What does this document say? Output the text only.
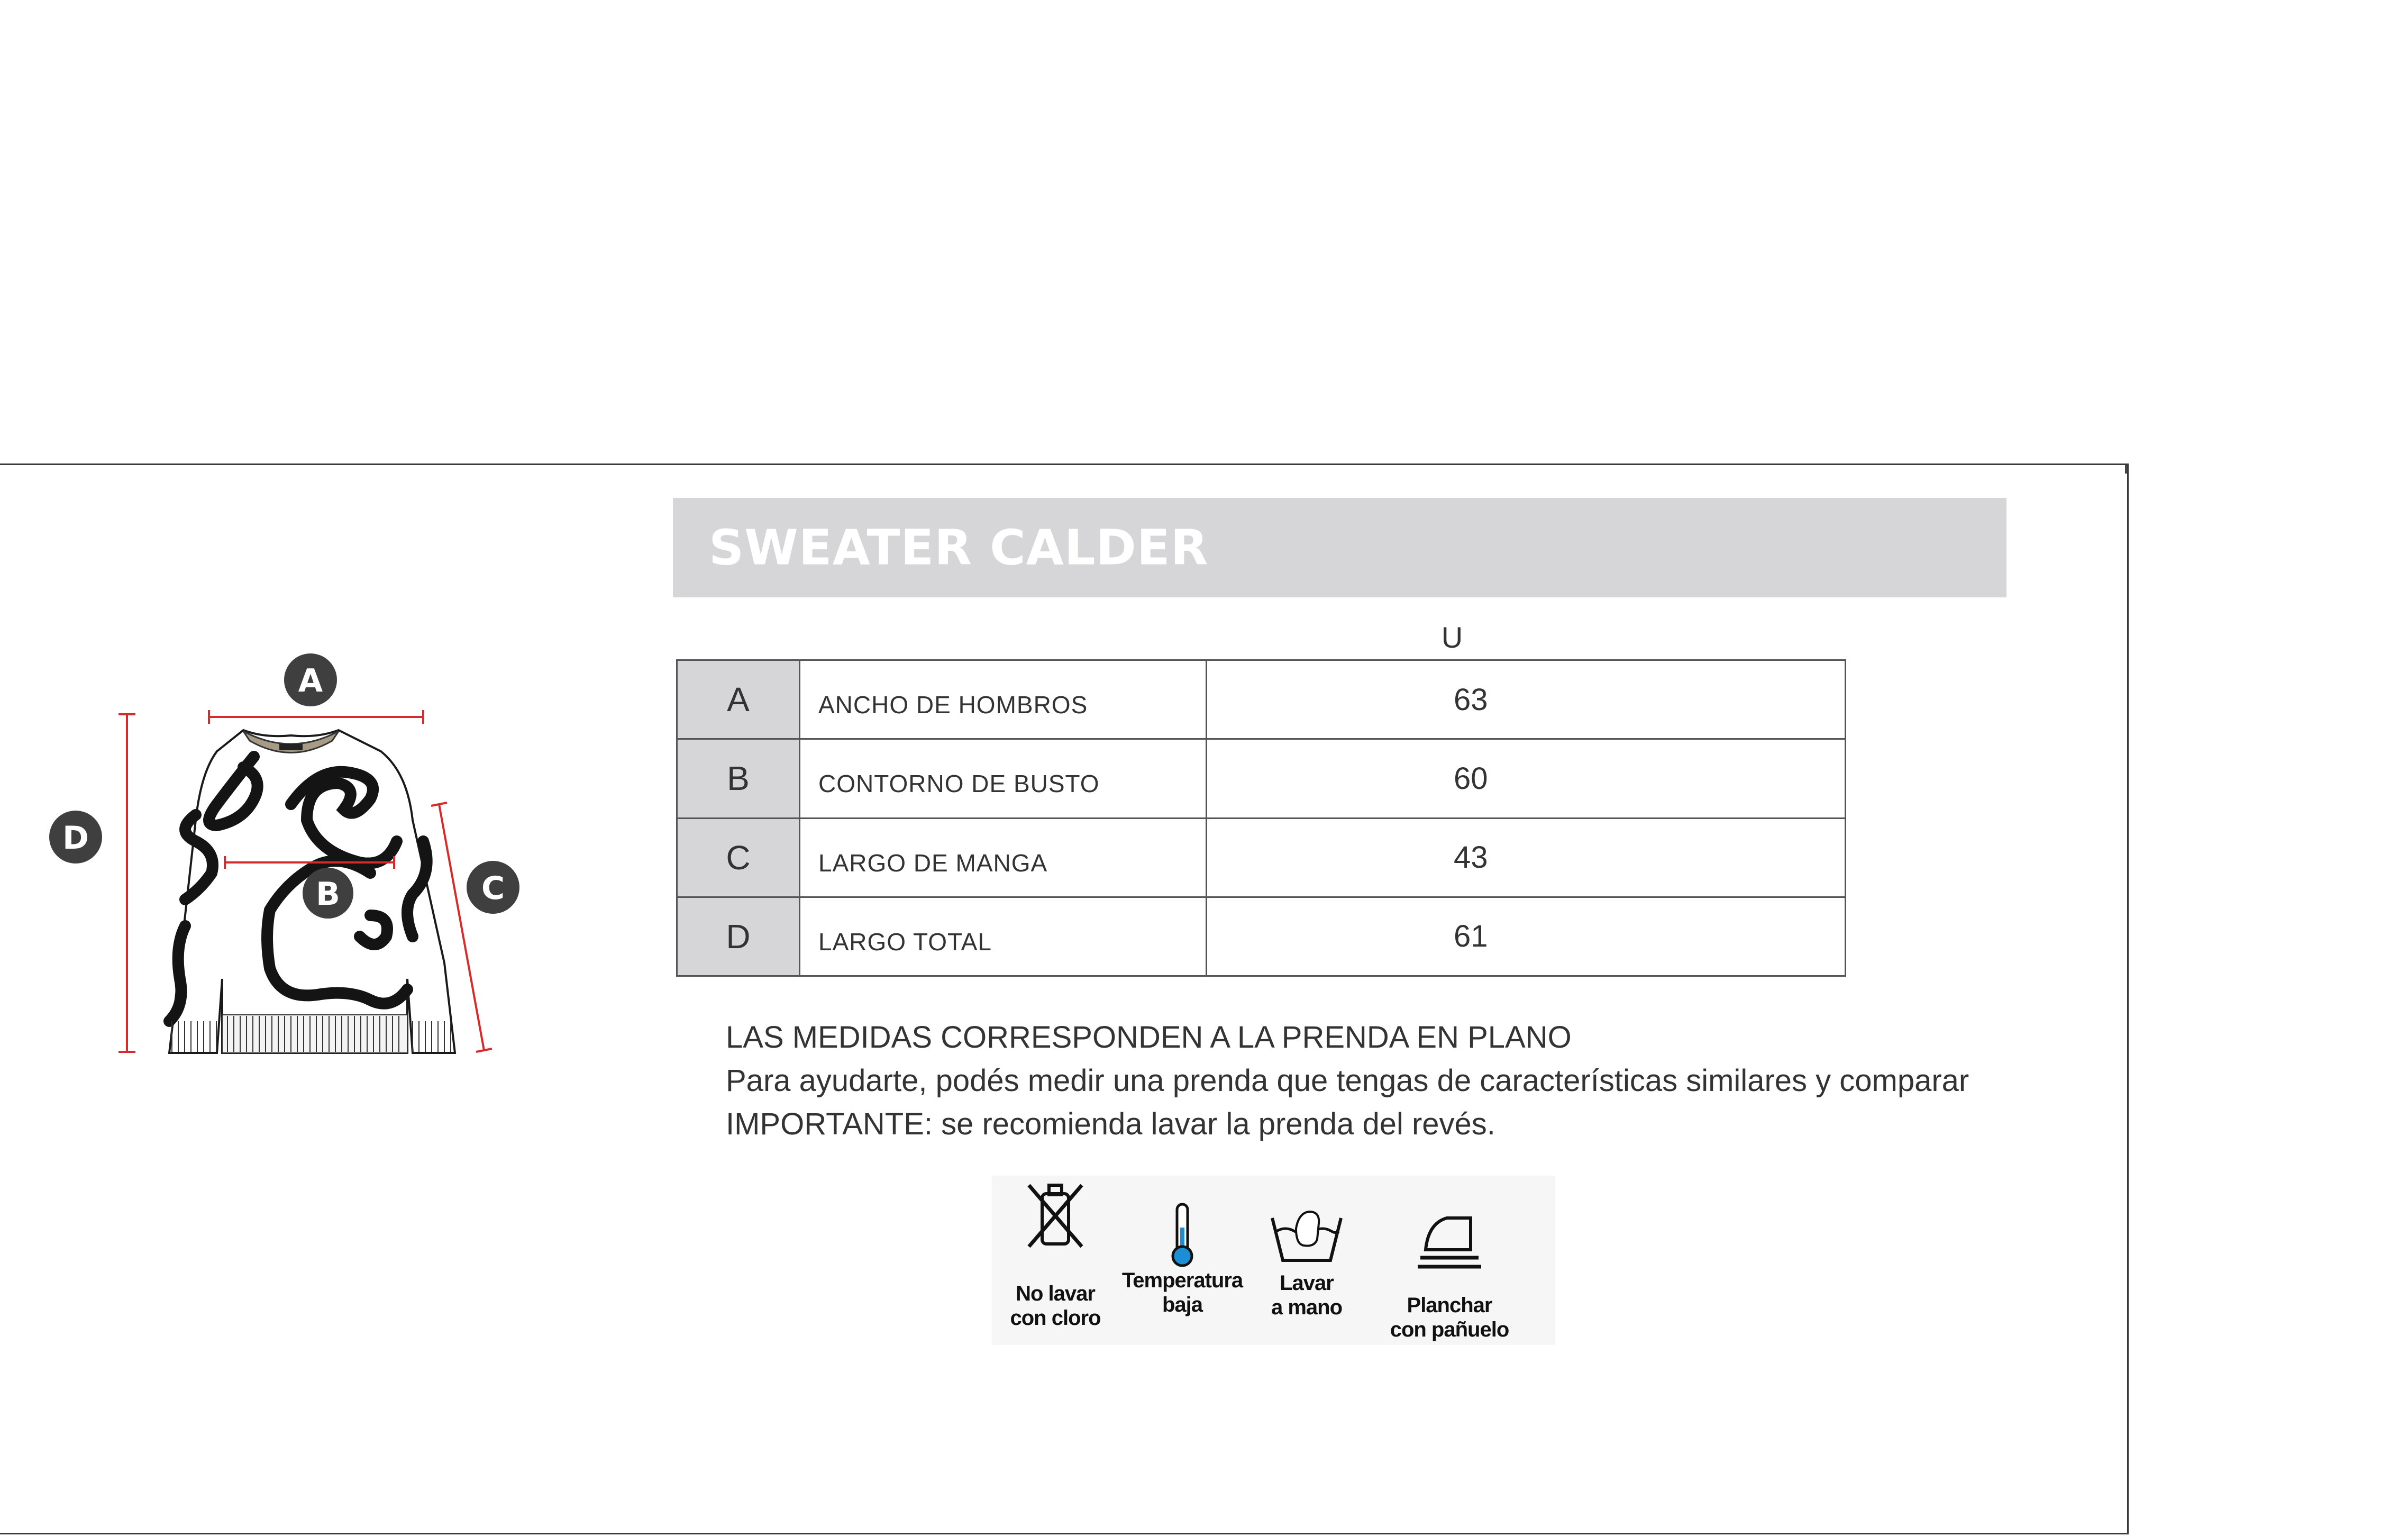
A
B	C
D
SWEATER CALDER
U
A	ANCHO DE HOMBROS	63
B	CONTORNO DE BUSTO	60
C	LARGO DE MANGA	43
D	LARGO TOTAL	61
LAS MEDIDAS CORRESPONDEN A LA PRENDA EN PLANO
Para ayudarte, podés medir una prenda que tengas de características similares y comparar
IMPORTANTE: se recomienda lavar la prenda del revés.
No lavar
con cloro
Temperatura
baja
Lavar
a mano	Planchar
con pañuelo
